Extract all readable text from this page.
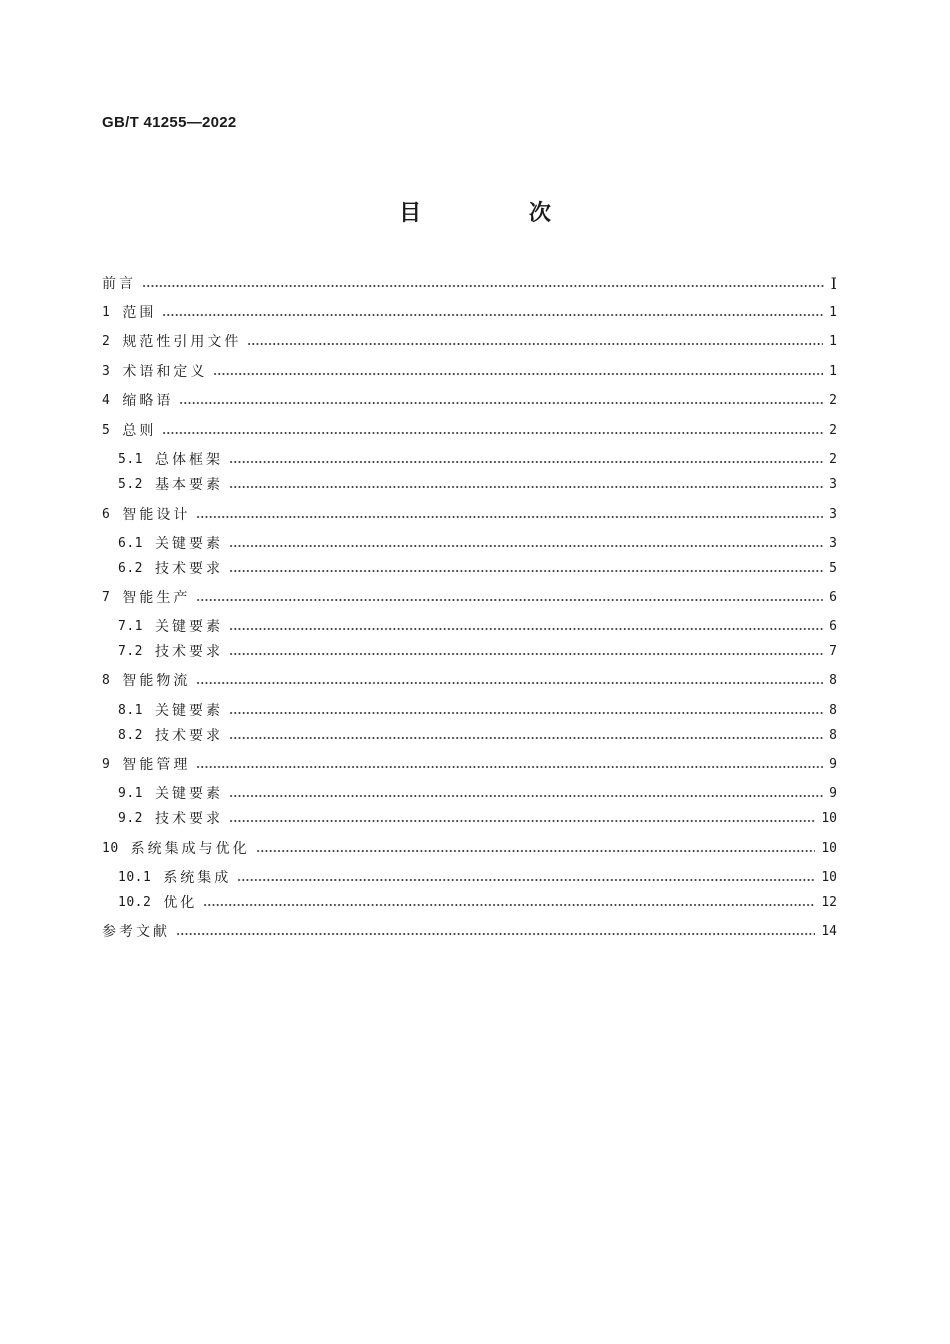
GB/T 41255—2022
目 次
前言	I
1 范围	1
2 规范性引用文件	1
3 术语和定义	1
4 缩略语	2
5 总则	2
5.1 总体框架	2
5.2 基本要素	3
6 智能设计	3
6.1 关键要素	3
6.2 技术要求	5
7 智能生产	6
7.1 关键要素	6
7.2 技术要求	7
8 智能物流	8
8.1 关键要素	8
8.2 技术要求	8
9 智能管理	9
9.1 关键要素	9
9.2 技术要求	10
10 系统集成与优化	10
10.1 系统集成	10
10.2 优化	12
参考文献	14
